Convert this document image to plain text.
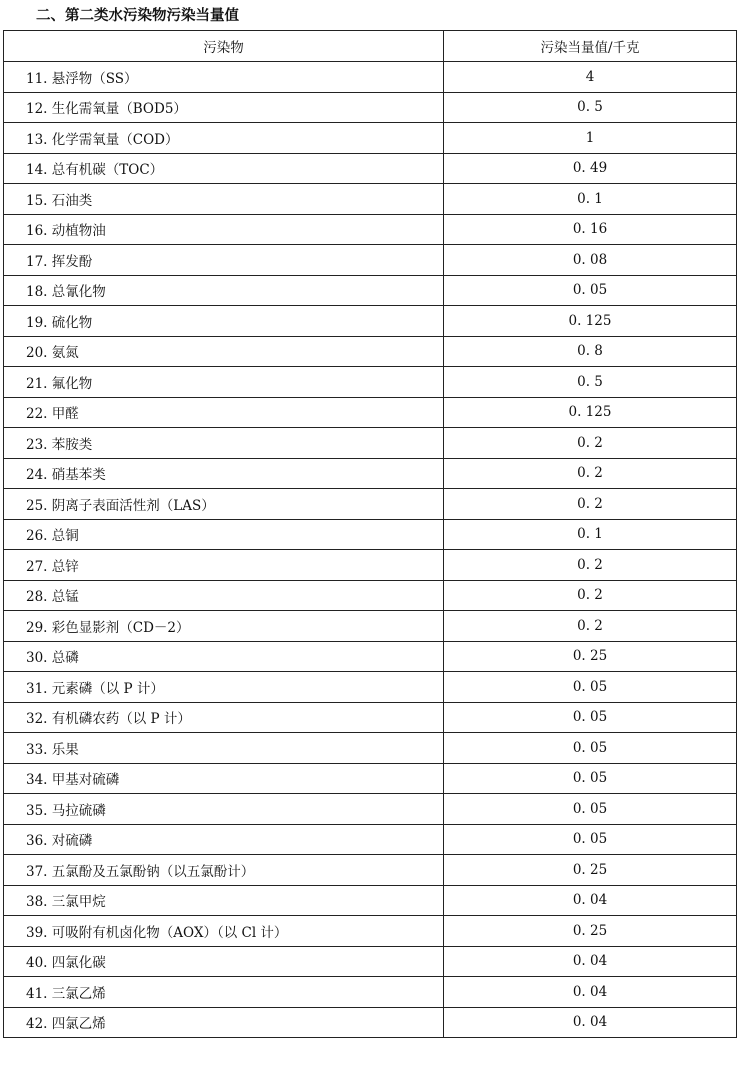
二、第二类水污染物污染当量值
污染物	污染当量值/千克
11. 悬浮物（SS）	4
12. 生化需氧量（BOD5）	0. 5
13. 化学需氧量（COD）	1
14. 总有机碳（TOC）	0. 49
15. 石油类	0. 1
16. 动植物油	0. 16
17. 挥发酚	0. 08
18. 总氰化物	0. 05
19. 硫化物	0. 125
20. 氨氮	0. 8
21. 氟化物	0. 5
22. 甲醛	0. 125
23. 苯胺类	0. 2
24. 硝基苯类	0. 2
25. 阴离子表面活性剂（LAS）	0. 2
26. 总铜	0. 1
27. 总锌	0. 2
28. 总锰	0. 2
29. 彩色显影剂（CD－2）	0. 2
30. 总磷	0. 25
31. 元素磷（以 P 计）	0. 05
32. 有机磷农药（以 P 计）	0. 05
33. 乐果	0. 05
34. 甲基对硫磷	0. 05
35. 马拉硫磷	0. 05
36. 对硫磷	0. 05
37. 五氯酚及五氯酚钠（以五氯酚计）	0. 25
38. 三氯甲烷	0. 04
39. 可吸附有机卤化物（AOX）（以 Cl 计）	0. 25
40. 四氯化碳	0. 04
41. 三氯乙烯	0. 04
42. 四氯乙烯	0. 04
